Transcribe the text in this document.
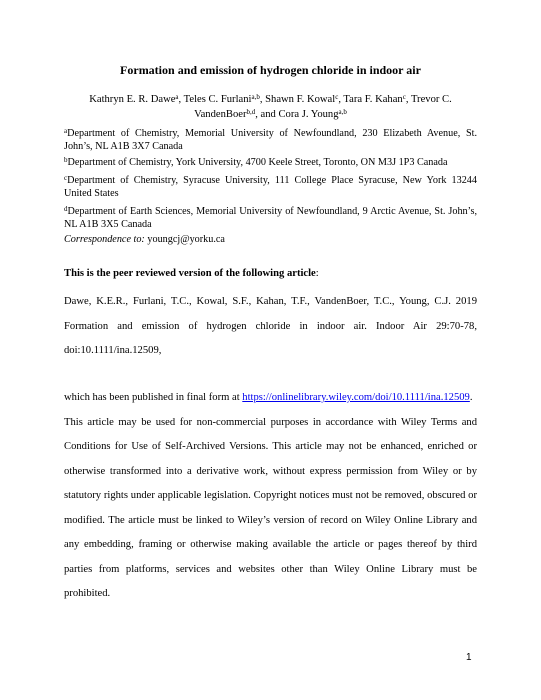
Formation and emission of hydrogen chloride in indoor air
Kathryn E. R. Dawe$^a$, Teles C. Furlani$^{a,b}$, Shawn F. Kowal$^c$, Tara F. Kahan$^c$, Trevor C.
VandenBoer$^{b,d}$, and Cora J. Young$^{a,b}$
$^a$Department of Chemistry, Memorial University of Newfoundland, 230 Elizabeth Avenue, St. John’s, NL A1B 3X7 Canada
$^b$Department of Chemistry, York University, 4700 Keele Street, Toronto, ON M3J 1P3 Canada
$^c$Department of Chemistry, Syracuse University, 111 College Place Syracuse, New York 13244 United States
$^d$Department of Earth Sciences, Memorial University of Newfoundland, 9 Arctic Avenue, St. John’s, NL A1B 3X5 Canada
Correspondence to: youngcj@yorku.ca
This is the peer reviewed version of the following article:
Dawe, K.E.R., Furlani, T.C., Kowal, S.F., Kahan, T.F., VandenBoer, T.C., Young, C.J. 2019
Formation and emission of hydrogen chloride in indoor air. Indoor Air 29:70-78,
doi:10.1111/ina.12509,
which has been published in final form at https://onlinelibrary.wiley.com/doi/10.1111/ina.12509.
This article may be used for non-commercial purposes in accordance with Wiley Terms and
Conditions for Use of Self-Archived Versions. This article may not be enhanced, enriched or
otherwise transformed into a derivative work, without express permission from Wiley or by
statutory rights under applicable legislation. Copyright notices must not be removed, obscured or
modified. The article must be linked to Wiley’s version of record on Wiley Online Library and
any embedding, framing or otherwise making available the article or pages thereof by third
parties from platforms, services and websites other than Wiley Online Library must be
prohibited.
1
